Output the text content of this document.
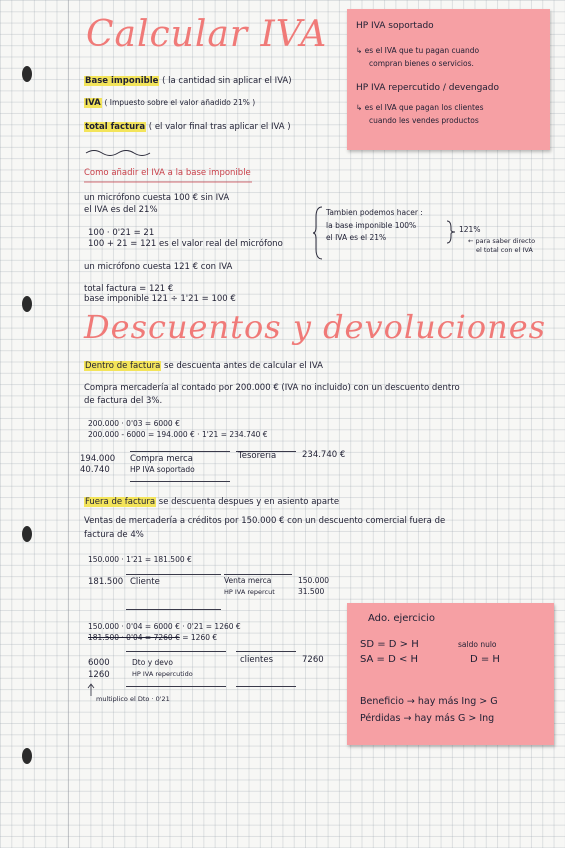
Calcular IVA
Base imponible ( la cantidad sin aplicar el IVA)
IVA ( Impuesto sobre el valor añadido 21% )
total factura ( el valor final tras aplicar el IVA )
HP IVA soportado
↳ es el IVA que tu pagan cuando
compran bienes o servicios.
HP IVA repercutido / devengado
↳ es el IVA que pagan los clientes
cuando les vendes productos
Como añadir el IVA a la base imponible
un micrófono cuesta 100 € sin IVA
el IVA es del 21%
100 · 0'21 = 21
100 + 21 = 121 es el valor real del micrófono
Tambien podemos hacer :
la base imponible 100%
el IVA es el 21%
121%
← para saber directo
el total con el IVA
un micrófono cuesta 121 € con IVA
total factura = 121 €
base imponible 121 ÷ 1'21 = 100 €
Descuentos y devoluciones
Dentro de factura se descuenta antes de calcular el IVA
Compra mercadería al contado por 200.000 € (IVA no incluido) con un descuento dentro
de factura del 3%.
200.000 · 0'03 = 6000 €
200.000 - 6000 = 194.000 € · 1'21 = 234.740 €
194.000 Compra merca
40.740	HP IVA soportado
Tesoreria	234.740 €
Fuera de factura se descuenta despues y en asiento aparte
Ventas de mercadería a créditos por 150.000 € con un descuento comercial fuera de
factura de 4%
150.000 · 1'21 = 181.500 €
181.500 Cliente	Venta merca	150.000
HP IVA repercut	31.500
150.000 · 0'04 = 6000 € · 0'21 = 1260 €
181.500 · 0'04 = 7260 € = 1260 €
6000	Dto y devo
1260	HP IVA repercutido
clientes	7260
multiplico el Dto · 0'21
Ado. ejercicio
SD = D > H	saldo nulo
SA = D < H	D = H
Beneficio → hay más Ing > G
Pérdidas → hay más G > Ing
